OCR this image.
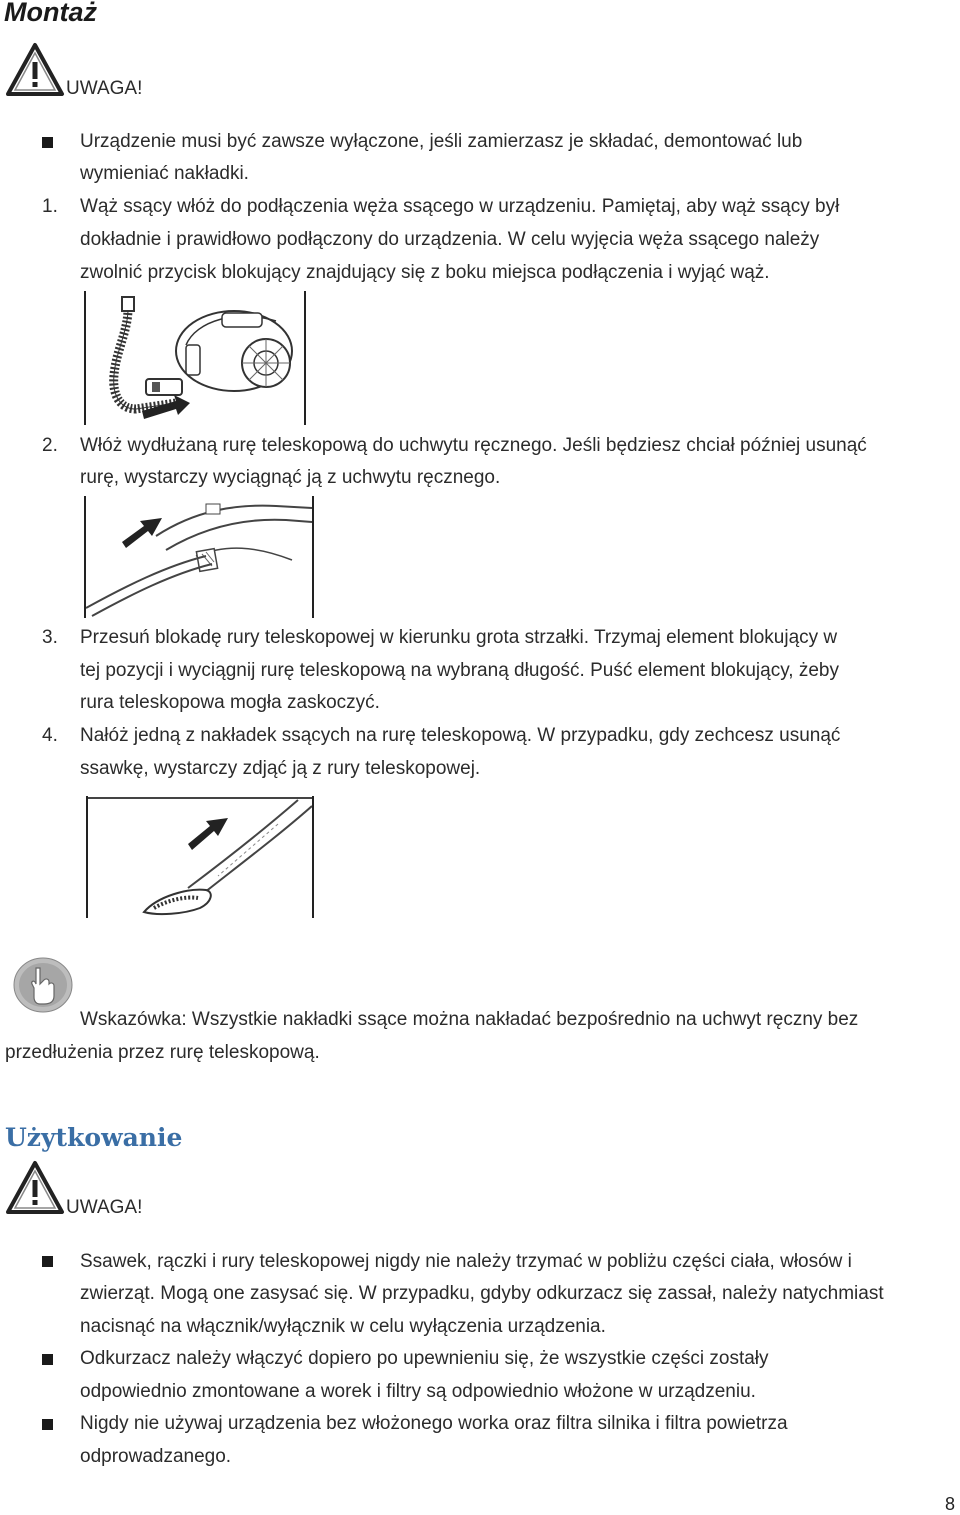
Montaż
UWAGA!
Urządzenie musi być zawsze wyłączone, jeśli zamierzasz je składać, demontować lub
wymieniać nakładki.
1. Wąż ssący włóż do podłączenia węża ssącego w urządzeniu. Pamiętaj, aby wąż ssący był
dokładnie i prawidłowo podłączony do urządzenia. W celu wyjęcia węża ssącego należy
zwolnić przycisk blokujący znajdujący się z boku miejsca podłączenia i wyjąć wąż.
2. Włóż wydłużaną rurę teleskopową do uchwytu ręcznego. Jeśli będziesz chciał później usunąć
rurę, wystarczy wyciągnąć ją z uchwytu ręcznego.
3. Przesuń blokadę rury teleskopowej w kierunku grota strzałki. Trzymaj element blokujący w
tej pozycji i wyciągnij rurę teleskopową na wybraną długość. Puść element blokujący, żeby
rura teleskopowa mogła zaskoczyć.
4. Nałóż jedną z nakładek ssących na rurę teleskopową. W przypadku, gdy zechcesz usunąć
ssawkę, wystarczy zdjąć ją z rury teleskopowej.
Wskazówka: Wszystkie nakładki ssące można nakładać bezpośrednio na uchwyt ręczny bez
przedłużenia przez rurę teleskopową.
Użytkowanie
UWAGA!
Ssawek, rączki i rury teleskopowej nigdy nie należy trzymać w pobliżu części ciała, włosów i
zwierząt. Mogą one zasysać się. W przypadku, gdyby odkurzacz się zassał, należy natychmiast
nacisnąć na włącznik/wyłącznik w celu wyłączenia urządzenia.
Odkurzacz należy włączyć dopiero po upewnieniu się, że wszystkie części zostały
odpowiednio zmontowane a worek i filtry są odpowiednio włożone w urządzeniu.
Nigdy nie używaj urządzenia bez włożonego worka oraz filtra silnika i filtra powietrza
odprowadzanego.
8
